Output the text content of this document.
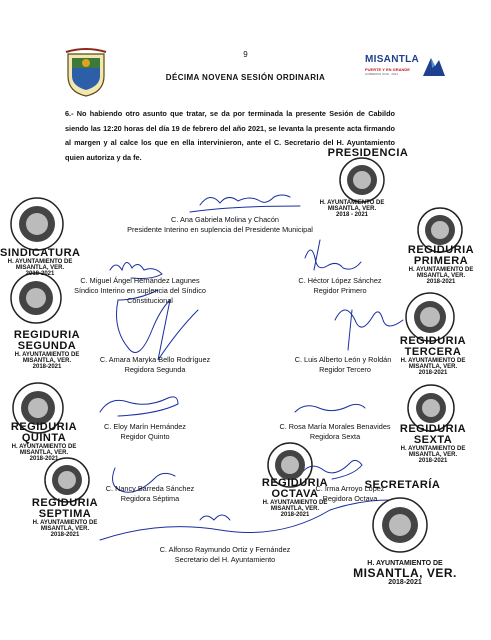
9
DÉCIMA NOVENA SESIÓN ORDINARIA
MISANTLA
PUERTE Y EN GRANDE
GOBIERNO 2018 - 2021
6.- No habiendo otro asunto que tratar, se da por terminada la presente Sesión de Cabildo siendo las 12:20 horas del día 19 de febrero del año 2021, se levanta la presente acta firmando al margen y al calce los que en ella intervinieron, ante el C. Secretario del H. Ayuntamiento quien autoriza y da fe.	PRESIDENCIA
H. AYUNTAMIENTO DE
MISANTLA, VER.
2018 - 2021
SINDICATURA
H. AYUNTAMIENTO DE
MISANTLA, VER.
2018-2021
REGIDURIA
PRIMERA
H. AYUNTAMIENTO DE
MISANTLA, VER.
2018-2021
REGIDURIA
SEGUNDA
H. AYUNTAMIENTO DE
MISANTLA, VER.
2018-2021
REGIDURIA
TERCERA
H. AYUNTAMIENTO DE
MISANTLA, VER.
2018-2021
REGIDURIA
QUINTA
H. AYUNTAMIENTO DE
MISANTLA, VER.
2018-2021
REGIDURIA
SEXTA
H. AYUNTAMIENTO DE
MISANTLA, VER.
2018-2021
REGIDURIA
SEPTIMA
H. AYUNTAMIENTO DE
MISANTLA, VER.
2018-2021
REGIDURIA
OCTAVA
H. AYUNTAMIENTO DE
MISANTLA, VER.
2018-2021
SECRETARÍA
H. AYUNTAMIENTO DE
MISANTLA, VER.
2018-2021
C. Ana Gabriela Molina y Chacón
Presidente Interino en suplencia del Presidente Municipal
C. Miguel Ángel Hernández Lagunes
Síndico Interino en suplencia del Síndico
Constitucional
C. Héctor López Sánchez
Regidor Primero
C. Amara Maryka Bello Rodríguez
Regidora Segunda
C. Luis Alberto León y Roldán
Regidor Tercero
C. Eloy Marín Hernández
Regidor Quinto
C. Rosa María Morales Benavides
Regidora Sexta
C. Nancy Barreda Sánchez
Regidora Séptima
C. Irma Arroyo López
Regidora Octava
C. Alfonso Raymundo Ortiz y Fernández
Secretario del H. Ayuntamiento
